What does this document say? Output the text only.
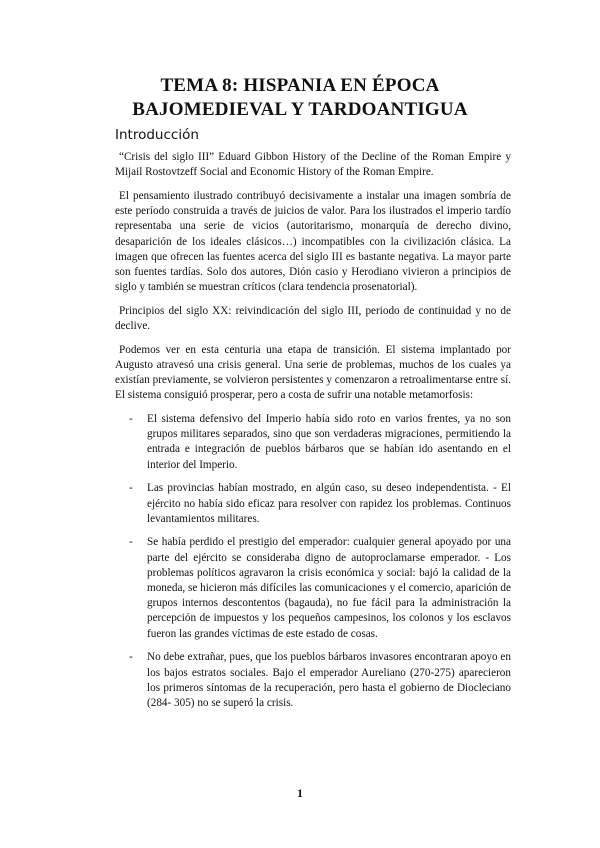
TEMA 8: HISPANIA EN ÉPOCA
BAJOMEDIEVAL Y TARDOANTIGUA
Introducción

“Crisis del siglo III” Eduard Gibbon History of the Decline of the Roman Empire y Mijail Rostovtzeff Social and Economic History of the Roman Empire.

El pensamiento ilustrado contribuyó decisivamente a instalar una imagen sombría de este período construida a través de juicios de valor. Para los ilustrados el imperio tardío representaba una serie de vicios (autoritarismo, monarquía de derecho divino, desaparición de los ideales clásicos…) incompatibles con la civilización clásica. La imagen que ofrecen las fuentes acerca del siglo III es bastante negativa. La mayor parte son fuentes tardías. Solo dos autores, Dión casio y Herodiano vivieron a principios de siglo y también se muestran críticos (clara tendencia prosenatorial).

Principios del siglo XX: reivindicación del siglo III, periodo de continuidad y no de declive.

Podemos ver en esta centuria una etapa de transición. El sistema implantado por Augusto atravesó una crisis general. Una serie de problemas, muchos de los cuales ya existían previamente, se volvieron persistentes y comenzaron a retroalimentarse entre sí. El sistema consiguió prosperar, pero a costa de sufrir una notable metamorfosis:

- El sistema defensivo del Imperio había sido roto en varios frentes, ya no son grupos militares separados, sino que son verdaderas migraciones, permitiendo la entrada e integración de pueblos bárbaros que se habían ido asentando en el interior del Imperio.
- Las provincias habían mostrado, en algún caso, su deseo independentista. - El ejército no había sido eficaz para resolver con rapidez los problemas. Continuos levantamientos militares.
- Se había perdido el prestigio del emperador: cualquier general apoyado por una parte del ejército se consideraba digno de autoproclamarse emperador. - Los problemas políticos agravaron la crisis económica y social: bajó la calidad de la moneda, se hicieron más difíciles las comunicaciones y el comercio, aparición de grupos internos descontentos (bagauda), no fue fácil para la administración la percepción de impuestos y los pequeños campesinos, los colonos y los esclavos fueron las grandes víctimas de este estado de cosas.
- No debe extrañar, pues, que los pueblos bárbaros invasores encontraran apoyo en los bajos estratos sociales. Bajo el emperador Aureliano (270-275) aparecieron los primeros síntomas de la recuperación, pero hasta el gobierno de Diocleciano (284- 305) no se superó la crisis.
1
